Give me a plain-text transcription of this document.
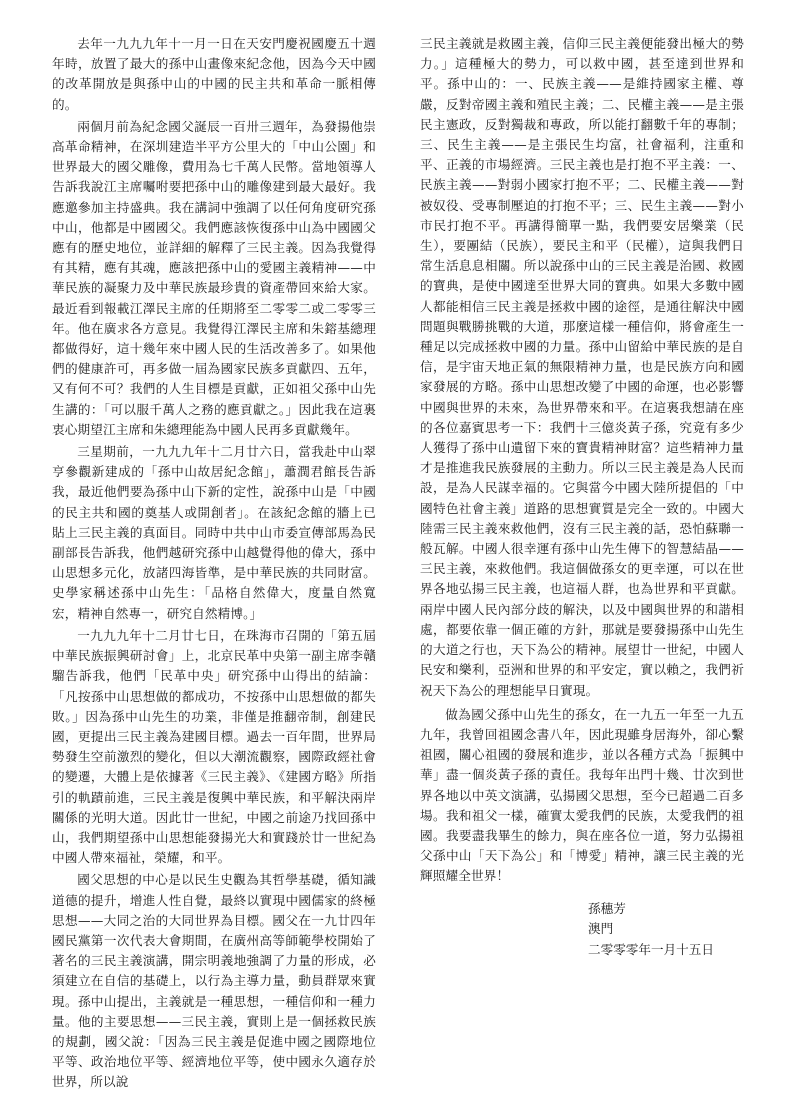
去年一九九九年十一月一日在天安門慶祝國慶五十週年時，放置了最大的孫中山畫像來紀念他，因為今天中國的改革開放是與孫中山的中國的民主共和革命一脈相傳的。

兩個月前為紀念國父誕辰一百卅三週年，為發揚他崇高革命精神，在深圳建造半平方公里大的「中山公園」和世界最大的國父雕像，費用為七千萬人民幣。當地領導人告訴我說江主席囑咐要把孫中山的雕像建到最大最好。我應邀參加主持盛典。我在講詞中強調了以任何角度研究孫中山，他都是中國國父。我們應該恢復孫中山為中國國父應有的歷史地位，並詳細的解釋了三民主義。因為我覺得有其精，應有其魂，應該把孫中山的愛國主義精神——中華民族的凝聚力及中華民族最珍貴的資產帶回來給大家。最近看到報載江澤民主席的任期將至二零零二或二零零三年。他在廣求各方意見。我覺得江澤民主席和朱鎔基總理都做得好，這十幾年來中國人民的生活改善多了。如果他們的健康許可，再多做一屆為國家民族多貢獻四、五年，又有何不可？我們的人生目標是貢獻，正如祖父孫中山先生講的：「可以服千萬人之務的應貢獻之。」因此我在這裏衷心期望江主席和朱總理能為中國人民再多貢獻幾年。

三星期前，一九九九年十二月廿六日，當我赴中山翠亨參觀新建成的「孫中山故居紀念館」，蕭潤君館長告訴我，最近他們要為孫中山下新的定性，說孫中山是「中國的民主共和國的奠基人或開創者」。在該紀念館的牆上已貼上三民主義的真面目。同時中共中山市委宣傳部馬為民副部長告訴我，他們越研究孫中山越覺得他的偉大，孫中山思想多元化，放諸四海皆準，是中華民族的共同財富。史學家稱述孫中山先生：「品格自然偉大，度量自然寬宏，精神自然專一，研究自然精博。」

一九九九年十二月廿七日，在珠海市召開的「第五屆中華民族振興研討會」上，北京民革中央第一副主席李贛騮告訴我，他們「民革中央」研究孫中山得出的結論：「凡按孫中山思想做的都成功，不按孫中山思想做的都失敗。」因為孫中山先生的功業，非僅是推翻帝制，創建民國，更提出三民主義為建國目標。過去一百年間，世界局勢發生空前激烈的變化，但以大潮流觀察，國際政經社會的變遷，大體上是依據著《三民主義》、《建國方略》所指引的軌蹟前進，三民主義是復興中華民族，和平解決兩岸關係的光明大道。因此廿一世紀，中國之前途乃找回孫中山，我們期望孫中山思想能發揚光大和實踐於廿一世紀為中國人帶來福祉，榮耀，和平。

國父思想的中心是以民生史觀為其哲學基礎，循知識道德的提升，增進人性自覺，最終以實現中國儒家的終極思想——大同之治的大同世界為目標。國父在一九廿四年國民黨第一次代表大會期間，在廣州高等師範學校開始了著名的三民主義演講，開宗明義地強調了力量的形成，必須建立在自信的基礎上，以行為主導力量，動員群眾來實現。孫中山提出，主義就是一種思想，一種信仰和一種力量。他的主要思想——三民主義，實則上是一個拯救民族的規劃，國父說：「因為三民主義是促進中國之國際地位平等、政治地位平等、經濟地位平等，使中國永久適存於世界，所以說

三民主義就是救國主義，信仰三民主義便能發出極大的勢力。」這種極大的勢力，可以救中國，甚至達到世界和平。孫中山的：一、民族主義——是維持國家主權、尊嚴，反對帝國主義和殖民主義；二、民權主義——是主張民主憲政，反對獨裁和專政，所以能打翻數千年的專制；三、民生主義——是主張民生均富，社會福利，注重和平、正義的市場經濟。三民主義也是打抱不平主義：一、民族主義——對弱小國家打抱不平；二、民權主義——對被奴役、受專制壓迫的打抱不平；三、民生主義——對小市民打抱不平。再講得簡單一點，我們要安居樂業（民生），要團結（民族），要民主和平（民權），這與我們日常生活息息相關。所以說孫中山的三民主義是治國、救國的寶典，是使中國達至世界大同的寶典。如果大多數中國人都能相信三民主義是拯救中國的途徑，是通往解決中國問題與戰勝挑戰的大道，那麼這樣一種信仰，將會產生一種足以完成拯救中國的力量。孫中山留給中華民族的是自信，是宇宙天地正氣的無限精神力量，也是民族方向和國家發展的方略。孫中山思想改變了中國的命運，也必影響中國與世界的未來，為世界帶來和平。在這裏我想請在座的各位嘉賓思考一下：我們十三億炎黃子孫，究竟有多少人獲得了孫中山遺留下來的寶貴精神財富？這些精神力量才是推進我民族發展的主動力。所以三民主義是為人民而設，是為人民謀幸福的。它與當今中國大陸所提倡的「中國特色社會主義」道路的思想實質是完全一致的。中國大陸需三民主義來救他們，沒有三民主義的話，恐怕蘇聯一般瓦解。中國人很幸運有孫中山先生傳下的智慧結晶——三民主義，來救他們。我這個做孫女的更幸運，可以在世界各地弘揚三民主義，也這福人群，也為世界和平貢獻。兩岸中國人民內部分歧的解決，以及中國與世界的和諧相處，都要依靠一個正確的方針，那就是要發揚孫中山先生的大道之行也，天下為公的精神。展望廿一世紀，中國人民安和樂利，亞洲和世界的和平安定，實以賴之，我們祈祝天下為公的理想能早日實現。

做為國父孫中山先生的孫女，在一九五一年至一九五九年，我曾回祖國念書八年，因此現雖身居海外，卻心繫祖國，關心祖國的發展和進步，並以各種方式為「振興中華」盡一個炎黃子孫的責任。我每年出門十幾、廿次到世界各地以中英文演講，弘揚國父思想，至今已超過二百多場。我和祖父一樣，確實太愛我們的民族，太愛我們的祖國。我要盡我畢生的餘力，與在座各位一道，努力弘揚祖父孫中山「天下為公」和「博愛」精神，讓三民主義的光輝照耀全世界！

孫穗芳
澳門
二零零零年一月十五日
